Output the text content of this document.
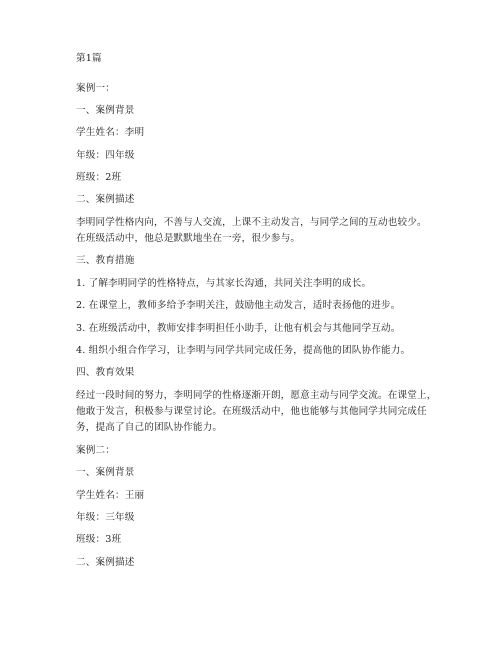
第1篇
案例一：
一、案例背景
学生姓名：李明
年级：四年级
班级：2班
二、案例描述
李明同学性格内向，不善与人交流，上课不主动发言，与同学之间的互动也较少。
在班级活动中，他总是默默地坐在一旁，很少参与。
三、教育措施
1. 了解李明同学的性格特点，与其家长沟通，共同关注李明的成长。
2. 在课堂上，教师多给予李明关注，鼓励他主动发言，适时表扬他的进步。
3. 在班级活动中，教师安排李明担任小助手，让他有机会与其他同学互动。
4. 组织小组合作学习，让李明与同学共同完成任务，提高他的团队协作能力。
四、教育效果
经过一段时间的努力，李明同学的性格逐渐开朗，愿意主动与同学交流。在课堂上，
他敢于发言，积极参与课堂讨论。在班级活动中，他也能够与其他同学共同完成任
务，提高了自己的团队协作能力。
案例二：
一、案例背景
学生姓名：王丽
年级：三年级
班级：3班
二、案例描述
